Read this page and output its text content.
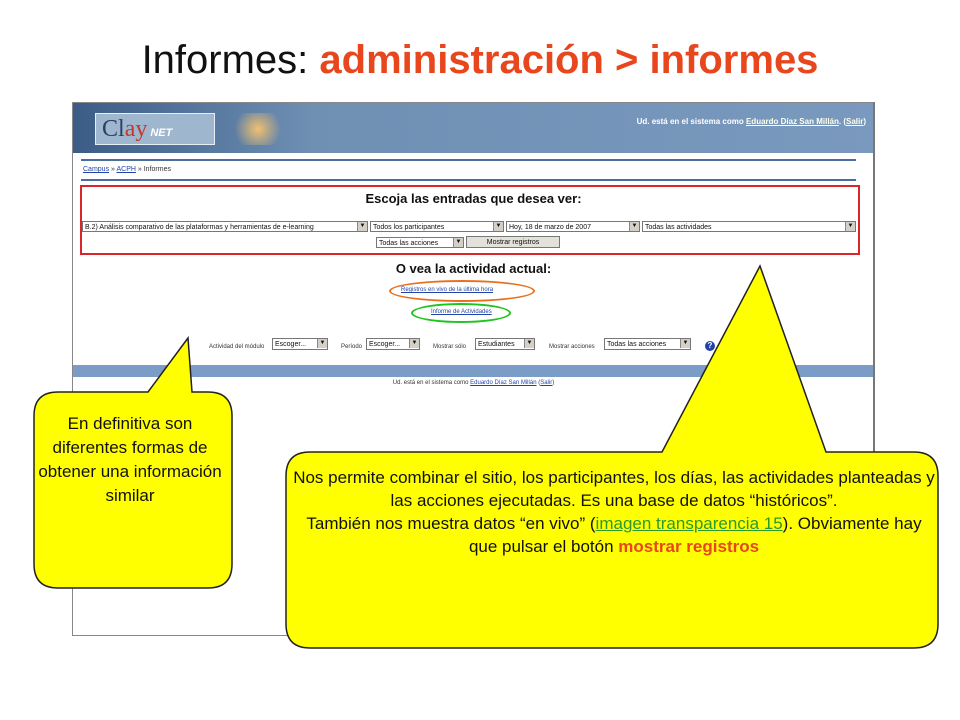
Informes: administración > informes
Clay NET
Ud. está en el sistema como Eduardo Díaz San Millán. (Salir)
Campus » ACPH » Informes
Escoja las entradas que desea ver:
B.2) Análisis comparativo de las plataformas y herramientas de e-learning	▼	Todos los participantes	▼	Hoy, 18 de marzo de 2007	▼	Todas las actividades	▼
Todas las acciones	▼	Mostrar registros
O vea la actividad actual:
Registros en vivo de la última hora
Informe de Actividades
Actividad del módulo	Escoger...	▼
Período Escoger...	▼
Mostrar sólo	Estudiantes	▼
Mostrar acciones	Todas las acciones	▼	?
Ud. está en el sistema como Eduardo Díaz San Millán (Salir)
En definitiva son diferentes formas de obtener una información similar
Nos permite combinar el sitio, los participantes, los días, las actividades planteadas y las acciones ejecutadas. Es una base de datos “históricos”.
También nos muestra datos “en vivo” (imagen transparencia 15). Obviamente hay que pulsar el botón mostrar registros
